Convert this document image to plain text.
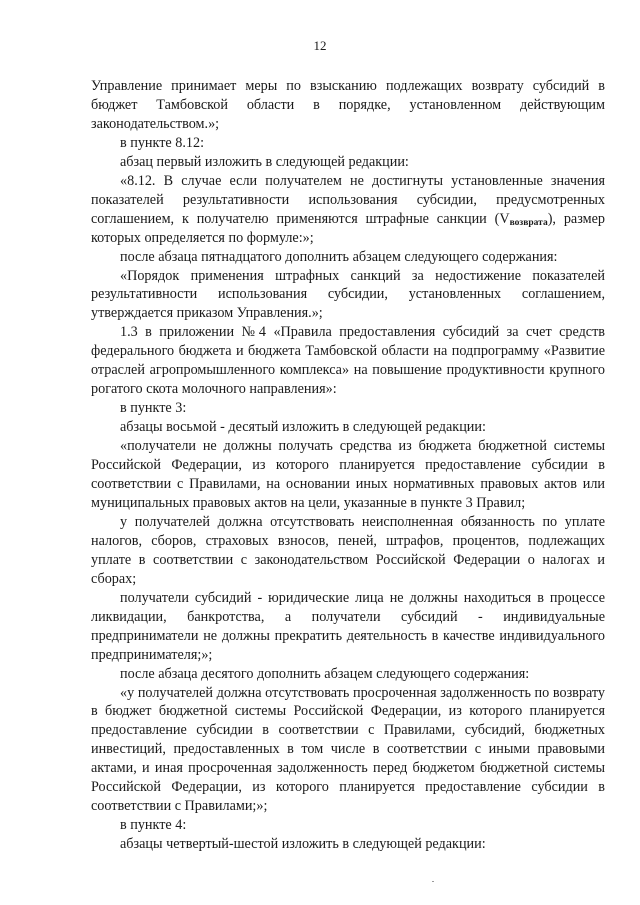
12

Управление принимает меры по взысканию подлежащих возврату субсидий в бюджет Тамбовской области в порядке, установленном действующим законодательством.»;

в пункте 8.12:

абзац первый изложить в следующей редакции:

«8.12. В случае если получателем не достигнуты установленные значения показателей результативности использования субсидии, предусмотренных соглашением, к получателю применяются штрафные санкции $(V_{возврата})$, размер которых определяется по формуле:»;

после абзаца пятнадцатого дополнить абзацем следующего содержания:

«Порядок применения штрафных санкций за недостижение показателей результативности использования субсидии, установленных соглашением, утверждается приказом Управления.»;

1.3 в приложении №4 «Правила предоставления субсидий за счет средств федерального бюджета и бюджета Тамбовской области на подпрограмму «Развитие отраслей агропромышленного комплекса» на повышение продуктивности крупного рогатого скота молочного направления»:

в пункте 3:

абзацы восьмой - десятый изложить в следующей редакции:

«получатели не должны получать средства из бюджета бюджетной системы Российской Федерации, из которого планируется предоставление субсидии в соответствии с Правилами, на основании иных нормативных правовых актов или муниципальных правовых актов на цели, указанные в пункте 3 Правил;

у получателей должна отсутствовать неисполненная обязанность по уплате налогов, сборов, страховых взносов, пеней, штрафов, процентов, подлежащих уплате в соответствии с законодательством Российской Федерации о налогах и сборах;

получатели субсидий - юридические лица не должны находиться в процессе ликвидации, банкротства, а получатели субсидий - индивидуальные предприниматели не должны прекратить деятельность в качестве индивидуального предпринимателя;»;

после абзаца десятого дополнить абзацем следующего содержания:

«у получателей должна отсутствовать просроченная задолженность по возврату в бюджет бюджетной системы Российской Федерации, из которого планируется предоставление субсидии в соответствии с Правилами, субсидий, бюджетных инвестиций, предоставленных в том числе в соответствии с иными правовыми актами, и иная просроченная задолженность перед бюджетом бюджетной системы Российской Федерации, из которого планируется предоставление субсидии в соответствии с Правилами;»;

в пункте 4:

абзацы четвертый-шестой изложить в следующей редакции:
